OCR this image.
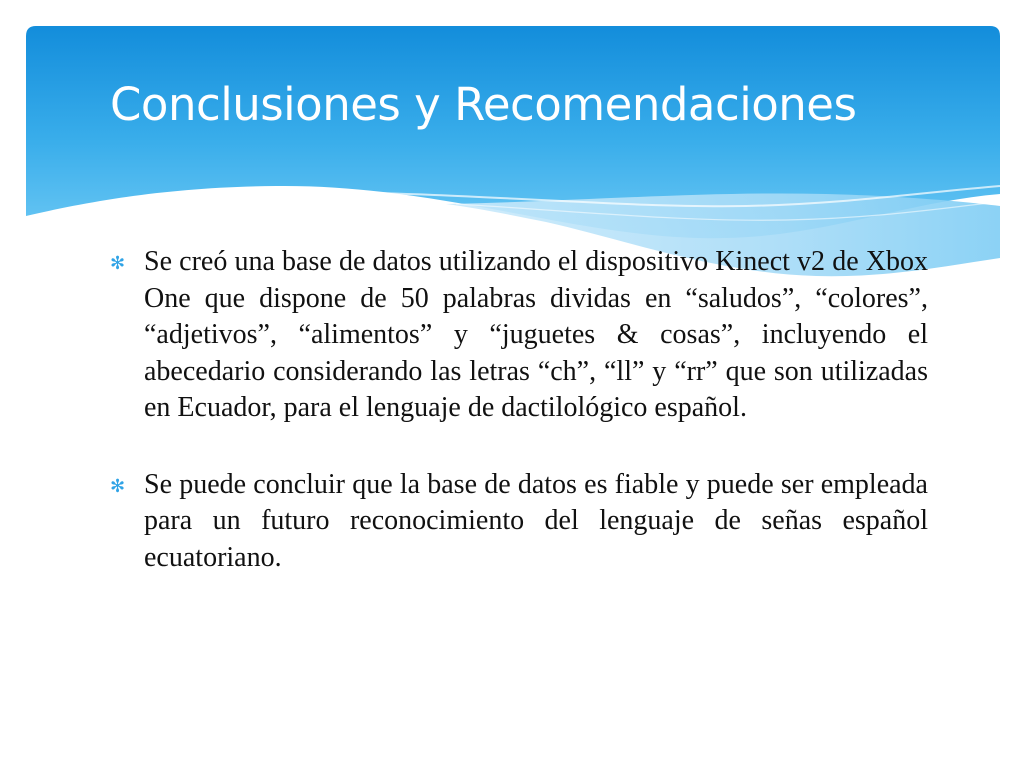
Conclusiones y Recomendaciones
✻ Se creó una base de datos utilizando el dispositivo Kinect v2 de Xbox One que dispone de 50 palabras dividas en “saludos”, “colores”, “adjetivos”, “alimentos” y “juguetes & cosas”, incluyendo el abecedario considerando las letras “ch”, “ll” y “rr” que son utilizadas en Ecuador, para el lenguaje de dactilológico español.
✻ Se puede concluir que la base de datos es fiable y puede ser empleada para un futuro reconocimiento del lenguaje de señas español ecuatoriano.
